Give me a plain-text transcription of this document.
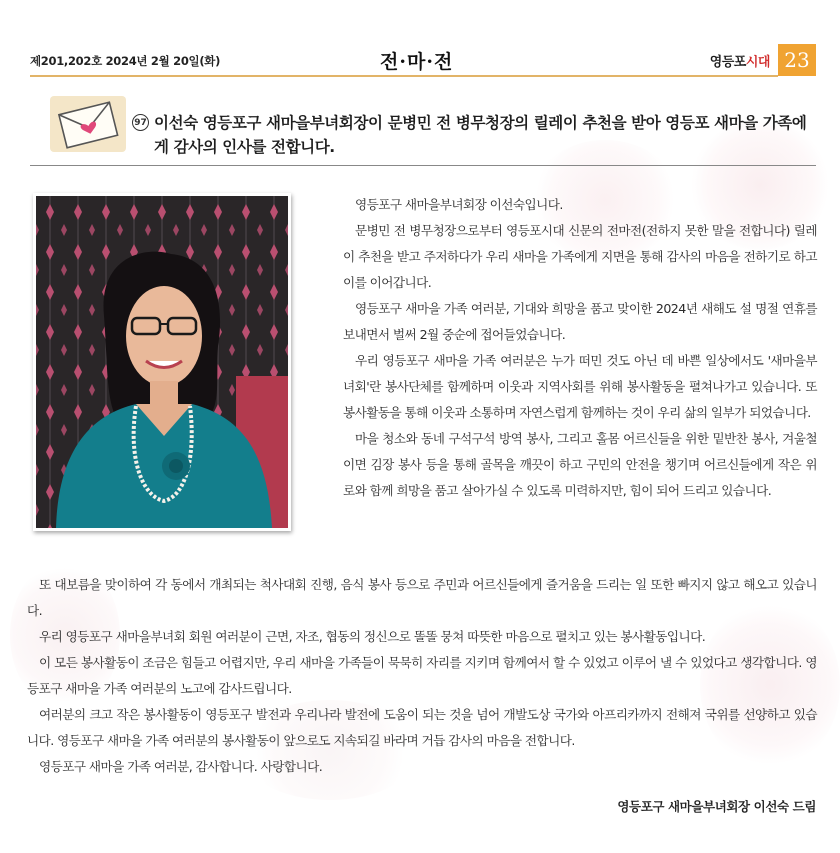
제201,202호 2024년 2월 20일(화)	전·마·전	영등포시대 23
97 이선숙 영등포구 새마을부녀회장이 문병민 전 병무청장의 릴레이 추천을 받아 영등포 새마을 가족에게 감사의 인사를 전합니다.

영등포구 새마을부녀회장 이선숙입니다.

문병민 전 병무청장으로부터 영등포시대 신문의 전마전(전하지 못한 말을 전합니다) 릴레이 추천을 받고 주저하다가 우리 새마을 가족에게 지면을 통해 감사의 마음을 전하기로 하고 이를 이어갑니다.

영등포구 새마을 가족 여러분, 기대와 희망을 품고 맞이한 2024년 새해도 설 명절 연휴를 보내면서 벌써 2월 중순에 접어들었습니다.

우리 영등포구 새마을 가족 여러분은 누가 떠민 것도 아닌 데 바쁜 일상에서도 '새마을부녀회'란 봉사단체를 함께하며 이웃과 지역사회를 위해 봉사활동을 펼쳐나가고 있습니다. 또 봉사활동을 통해 이웃과 소통하며 자연스럽게 함께하는 것이 우리 삶의 일부가 되었습니다.

마을 청소와 동네 구석구석 방역 봉사, 그리고 홀몸 어르신들을 위한 밑반찬 봉사, 겨울철이면 김장 봉사 등을 통해 골목을 깨끗이 하고 구민의 안전을 챙기며 어르신들에게 작은 위로와 함께 희망을 품고 살아가실 수 있도록 미력하지만, 힘이 되어 드리고 있습니다.

또 대보름을 맞이하여 각 동에서 개최되는 척사대회 진행, 음식 봉사 등으로 주민과 어르신들에게 즐거움을 드리는 일 또한 빠지지 않고 해오고 있습니다.

우리 영등포구 새마을부녀회 회원 여러분이 근면, 자조, 협동의 정신으로 똘똘 뭉쳐 따뜻한 마음으로 펼치고 있는 봉사활동입니다.

이 모든 봉사활동이 조금은 힘들고 어렵지만, 우리 새마을 가족들이 묵묵히 자리를 지키며 함께여서 할 수 있었고 이루어 낼 수 있었다고 생각합니다. 영등포구 새마을 가족 여러분의 노고에 감사드립니다.

여러분의 크고 작은 봉사활동이 영등포구 발전과 우리나라 발전에 도움이 되는 것을 넘어 개발도상 국가와 아프리카까지 전해져 국위를 선양하고 있습니다. 영등포구 새마을 가족 여러분의 봉사활동이 앞으로도 지속되길 바라며 거듭 감사의 마음을 전합니다.

영등포구 새마을 가족 여러분, 감사합니다. 사랑합니다.

영등포구 새마을부녀회장 이선숙 드림
